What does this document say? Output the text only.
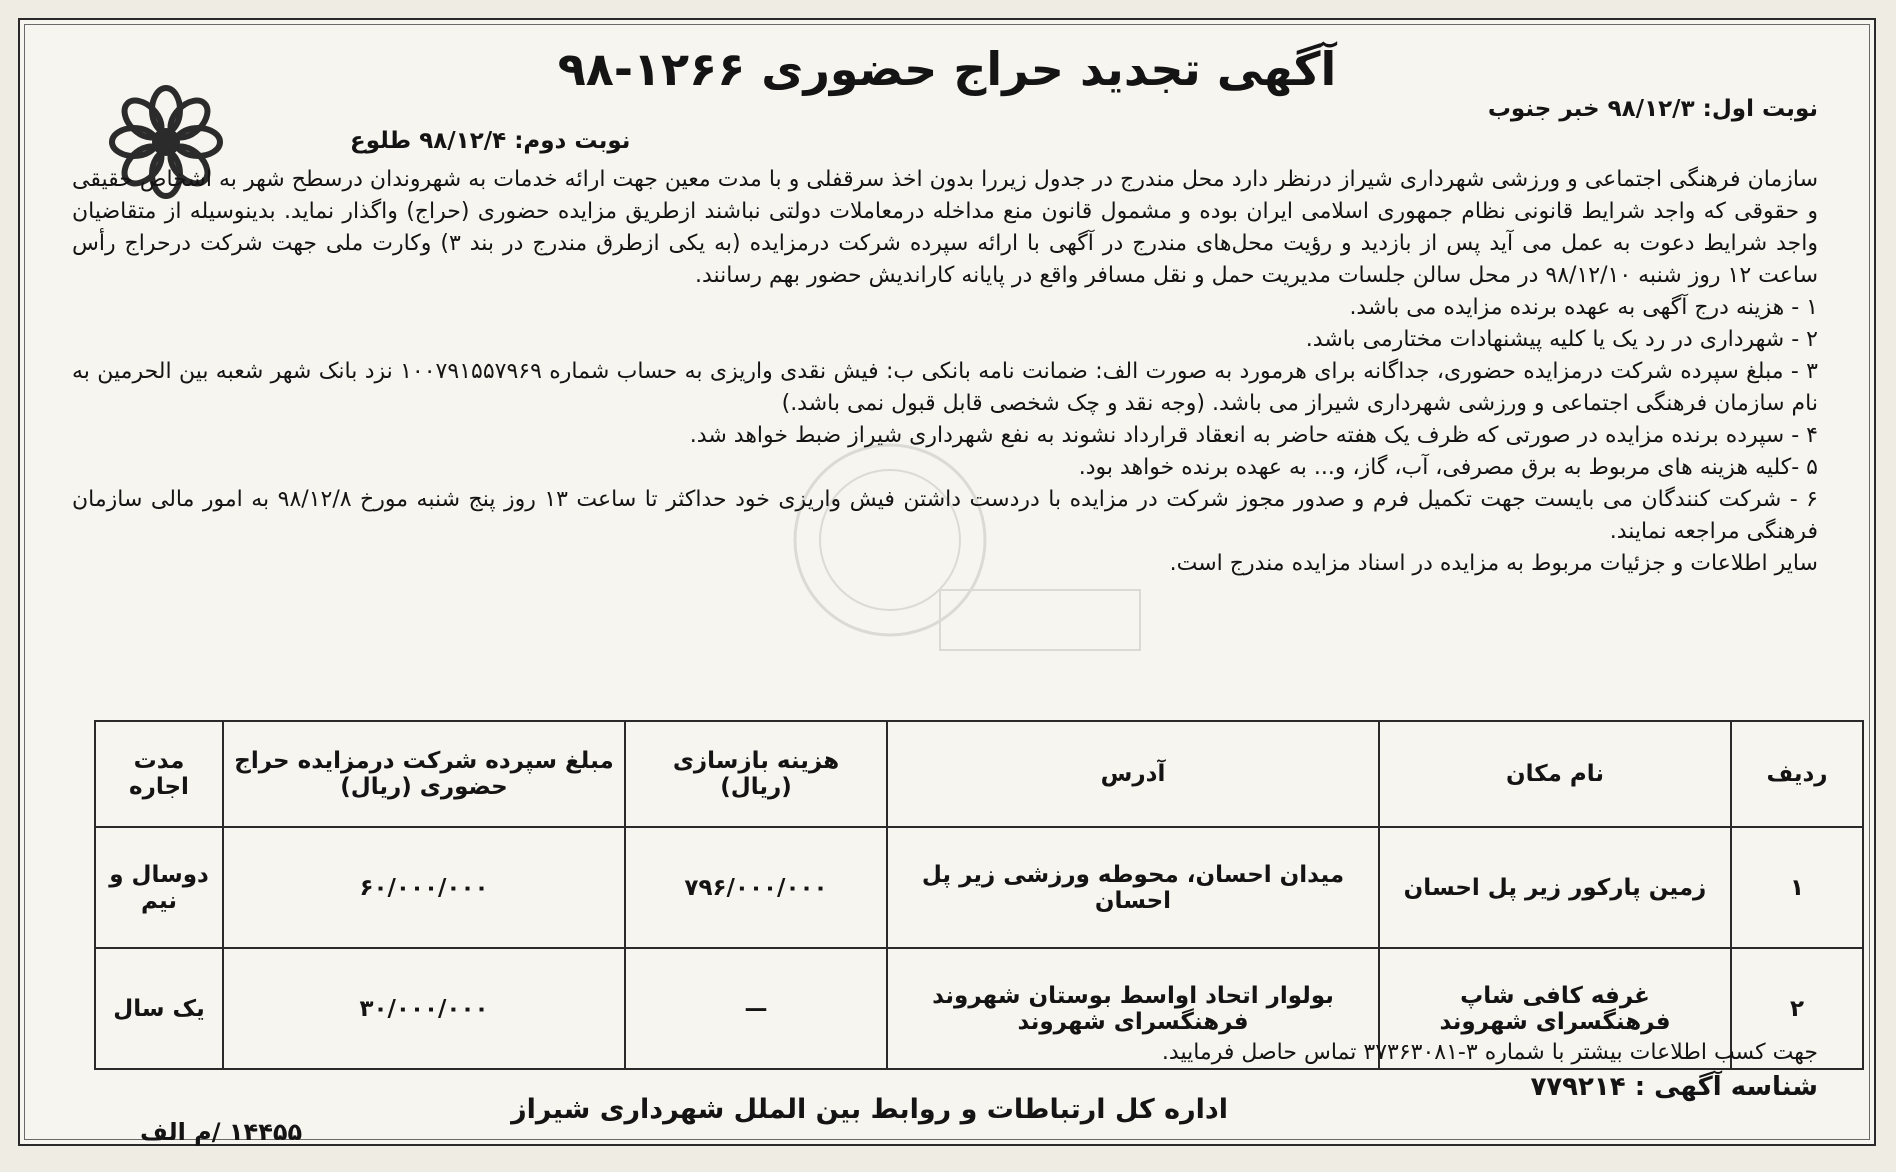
آگهی تجدید حراج حضوری ۱۲۶۶-۹۸
نوبت اول: ۹۸/۱۲/۳ خبر جنوب
نوبت دوم: ۹۸/۱۲/۴ طلوع

سازمان فرهنگی اجتماعی و ورزشی شهرداری شیراز درنظر دارد محل مندرج در جدول زیررا بدون اخذ سرقفلی و با مدت معین جهت ارائه خدمات به شهروندان درسطح شهر به اشخاص حقیقی و حقوقی که واجد شرایط قانونی نظام جمهوری اسلامی ایران بوده و مشمول قانون منع مداخله درمعاملات دولتی نباشند ازطریق مزایده حضوری (حراج) واگذار نماید. بدینوسیله از متقاضیان واجد شرایط دعوت به عمل می آید پس از بازدید و رؤیت محل‌های مندرج در آگهی با ارائه سپرده شرکت درمزایده (به یکی ازطرق مندرج در بند ۳) وکارت ملی جهت شرکت درحراج رأس ساعت ۱۲ روز شنبه ۹۸/۱۲/۱۰ در محل سالن جلسات مدیریت حمل و نقل مسافر واقع در پایانه کاراندیش حضور بهم رسانند.

۱ - هزینه درج آگهی به عهده برنده مزایده می باشد.

۲ - شهرداری در رد یک یا کلیه پیشنهادات مختارمی باشد.

۳ - مبلغ سپرده شرکت درمزایده حضوری، جداگانه برای هرمورد به صورت الف: ضمانت نامه بانکی ب: فیش نقدی واریزی به حساب شماره ۱۰۰۷۹۱۵۵۷۹۶۹ نزد بانک شهر شعبه بین الحرمین به نام سازمان فرهنگی اجتماعی و ورزشی شهرداری شیراز می باشد. (وجه نقد و چک شخصی قابل قبول نمی باشد.)

۴ - سپرده برنده مزایده در صورتی که ظرف یک هفته حاضر به انعقاد قرارداد نشوند به نفع شهرداری شیراز ضبط خواهد شد.

۵ -کلیه هزینه های مربوط به برق مصرفی، آب، گاز، و... به عهده برنده خواهد بود.

۶ - شرکت کنندگان می بایست جهت تکمیل فرم و صدور مجوز شرکت در مزایده با دردست داشتن فیش واریزی خود حداکثر تا ساعت ۱۳ روز پنج شنبه مورخ ۹۸/۱۲/۸ به امور مالی سازمان فرهنگی مراجعه نمایند.

سایر اطلاعات و جزئیات مربوط به مزایده در اسناد مزایده مندرج است.

ردیف	نام مکان	آدرس	هزینه بازسازی (ریال)	مبلغ سپرده شرکت درمزایده حراج حضوری (ریال)	مدت اجاره
۱	زمین پارکور زیر پل احسان	میدان احسان، محوطه ورزشی زیر پل احسان	۷۹۶/۰۰۰/۰۰۰	۶۰/۰۰۰/۰۰۰	دوسال و نیم
۲	غرفه کافی شاپ فرهنگسرای شهروند	بولوار اتحاد اواسط بوستان شهروند فرهنگسرای شهروند	—	۳۰/۰۰۰/۰۰۰	یک سال
جهت کسب اطلاعات بیشتر با شماره ۳-۳۷۳۶۳۰۸۱ تماس حاصل فرمایید.
شناسه آگهی : ۷۷۹۲۱۴
اداره کل ارتباطات و روابط بین الملل شهرداری شیراز
۱۴۴۵۵ /م الف
